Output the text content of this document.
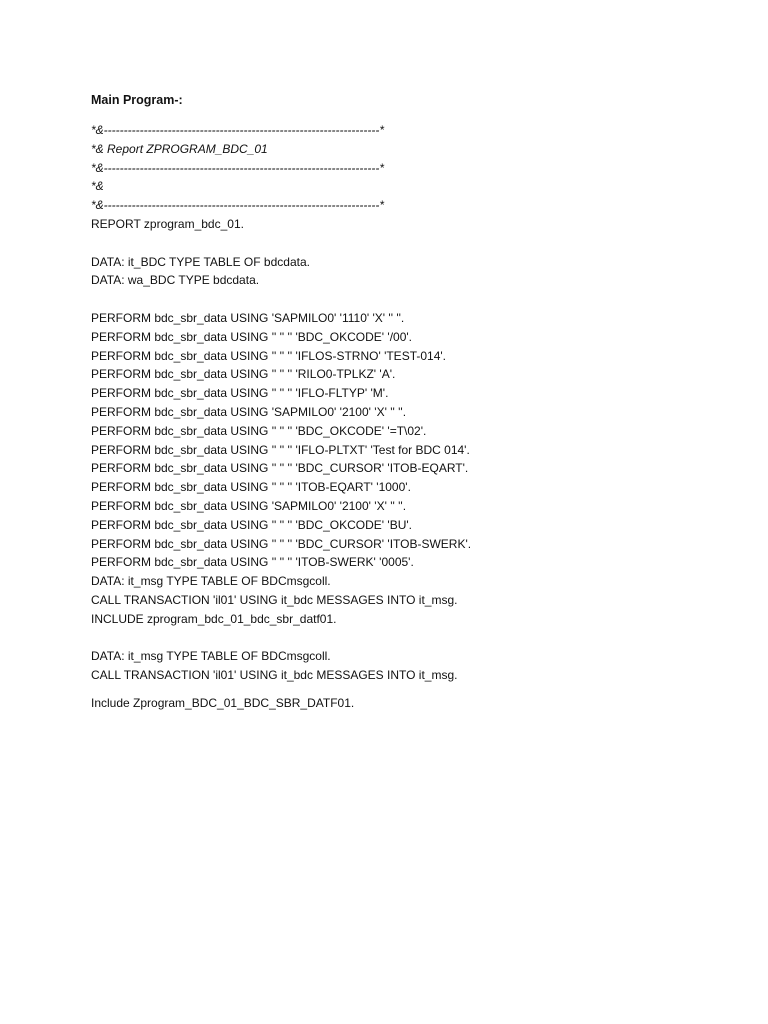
Main Program-:
*&---------------------------------------------------------------------*
*& Report ZPROGRAM_BDC_01
*&---------------------------------------------------------------------*
*&
*&---------------------------------------------------------------------*
REPORT zprogram_bdc_01.
DATA: it_BDC TYPE TABLE OF bdcdata.
DATA: wa_BDC TYPE bdcdata.
PERFORM bdc_sbr_data USING 'SAPMILO0' '1110' 'X' '' ''.
PERFORM bdc_sbr_data USING '' '' '' 'BDC_OKCODE' '/00'.
PERFORM bdc_sbr_data USING '' '' '' 'IFLOS-STRNO' 'TEST-014'.
PERFORM bdc_sbr_data USING '' '' '' 'RILO0-TPLKZ' 'A'.
PERFORM bdc_sbr_data USING '' '' '' 'IFLO-FLTYP' 'M'.
PERFORM bdc_sbr_data USING 'SAPMILO0' '2100' 'X' '' ''.
PERFORM bdc_sbr_data USING '' '' '' 'BDC_OKCODE' '=T\02'.
PERFORM bdc_sbr_data USING '' '' '' 'IFLO-PLTXT' 'Test for BDC 014'.
PERFORM bdc_sbr_data USING '' '' '' 'BDC_CURSOR' 'ITOB-EQART'.
PERFORM bdc_sbr_data USING '' '' '' 'ITOB-EQART' '1000'.
PERFORM bdc_sbr_data USING 'SAPMILO0' '2100' 'X' '' ''.
PERFORM bdc_sbr_data USING '' '' '' 'BDC_OKCODE' 'BU'.
PERFORM bdc_sbr_data USING '' '' '' 'BDC_CURSOR' 'ITOB-SWERK'.
PERFORM bdc_sbr_data USING '' '' '' 'ITOB-SWERK' '0005'.
DATA: it_msg TYPE TABLE OF BDCmsgcoll.
CALL TRANSACTION 'il01' USING it_bdc MESSAGES INTO it_msg.
INCLUDE zprogram_bdc_01_bdc_sbr_datf01.
DATA: it_msg TYPE TABLE OF BDCmsgcoll.
CALL TRANSACTION 'il01' USING it_bdc MESSAGES INTO it_msg.
Include Zprogram_BDC_01_BDC_SBR_DATF01.
